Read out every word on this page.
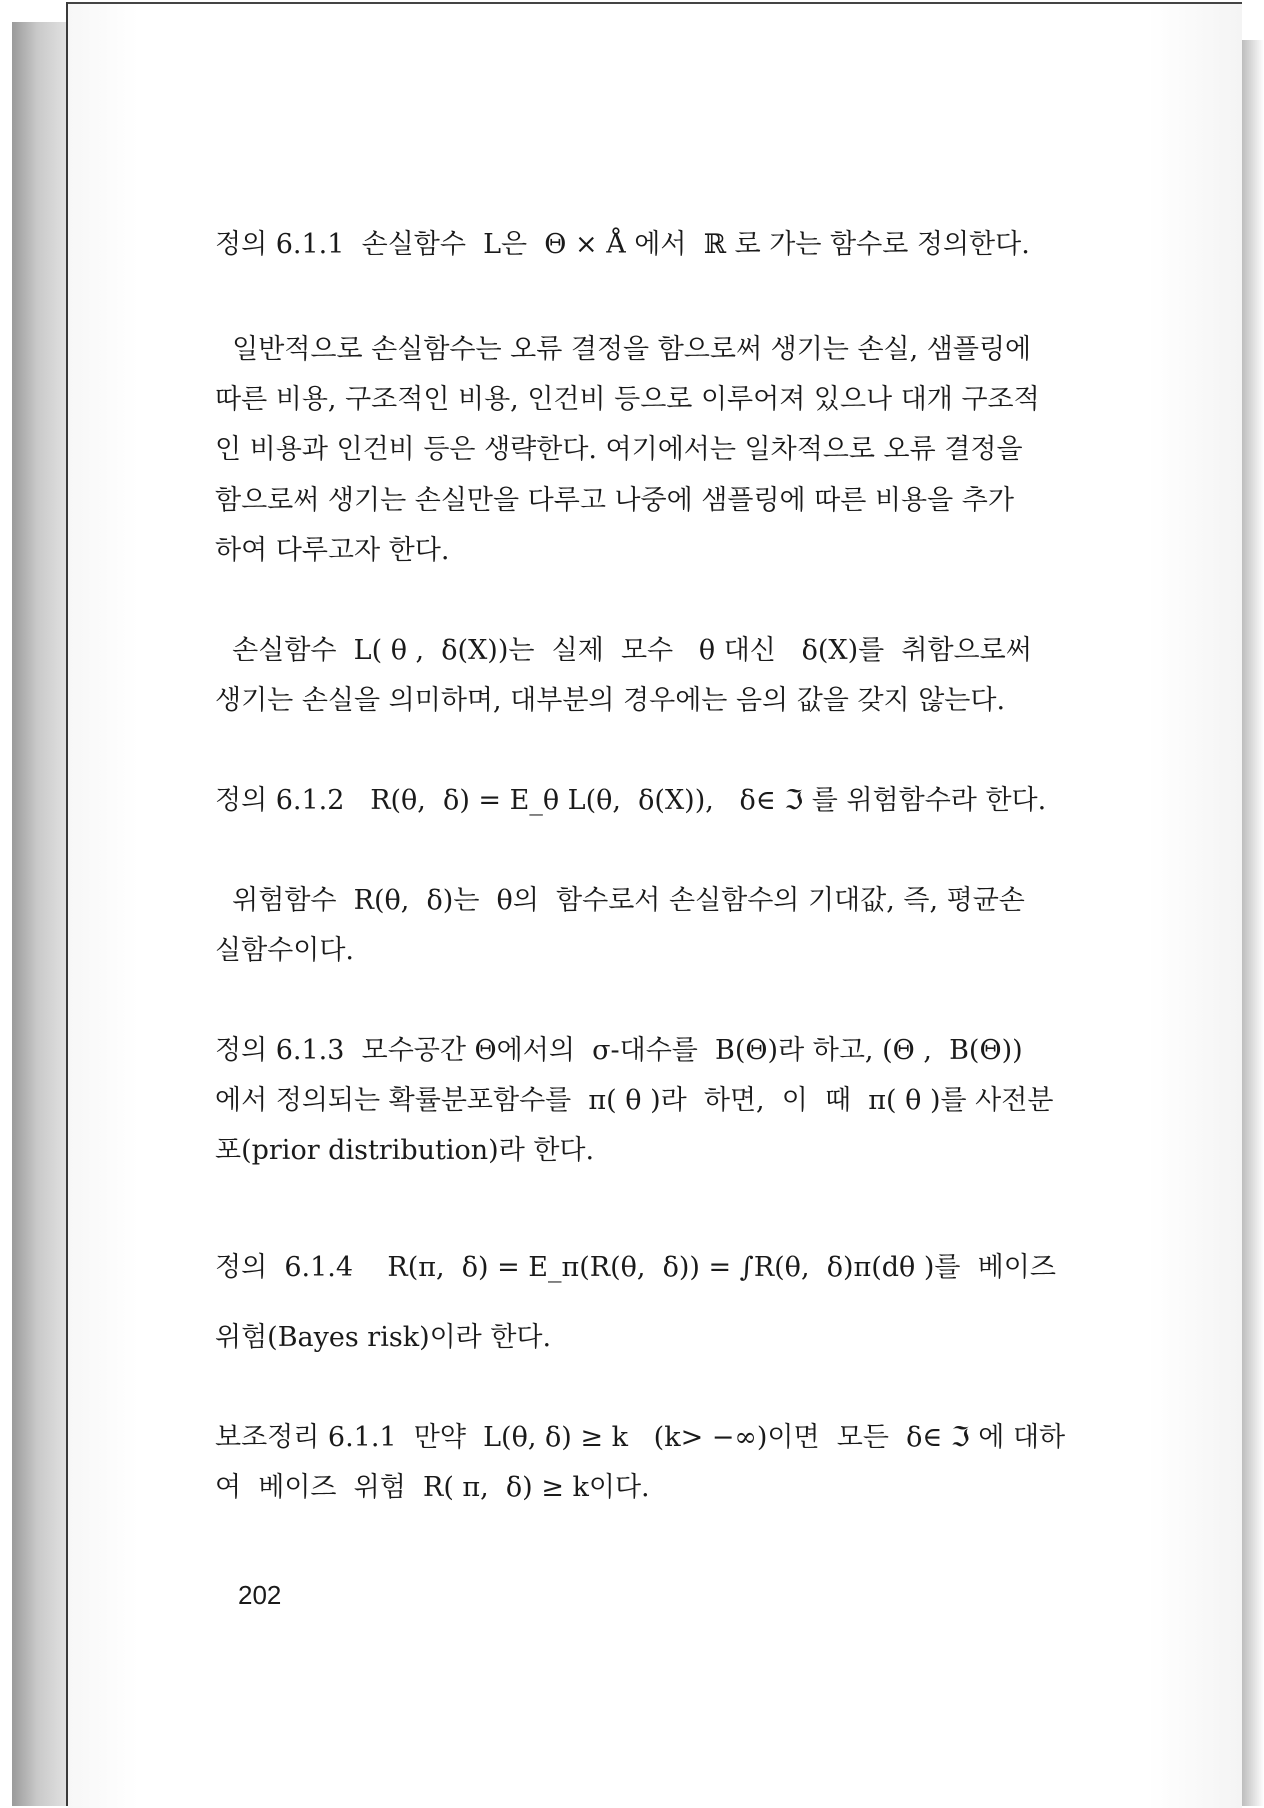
정의 6.1.1  손실함수  L은  Θ × Å 에서  ℝ 로 가는 함수로 정의한다.
일반적으로 손실함수는 오류 결정을 함으로써 생기는 손실, 샘플링에
따른 비용, 구조적인 비용, 인건비 등으로 이루어져 있으나 대개 구조적
인 비용과 인건비 등은 생략한다. 여기에서는 일차적으로 오류 결정을
함으로써 생기는 손실만을 다루고 나중에 샘플링에 따른 비용을 추가
하여 다루고자 한다.
손실함수  L( θ ,  δ(X))는  실제  모수   θ 대신   δ(X)를  취함으로써
생기는 손실을 의미하며, 대부분의 경우에는 음의 값을 갖지 않는다.
정의 6.1.2   R(θ,  δ) = E_θ L(θ,  δ(X)),   δ∈ ℑ 를 위험함수라 한다.
위험함수  R(θ,  δ)는  θ의  함수로서 손실함수의 기대값, 즉, 평균손
실함수이다.
정의 6.1.3  모수공간 Θ에서의  σ-대수를  B(Θ)라 하고, (Θ ,  B(Θ))
에서 정의되는 확률분포함수를  π( θ )라  하면,  이  때  π( θ )를 사전분
포(prior distribution)라 한다.
정의  6.1.4    R(π,  δ) = E_π(R(θ,  δ)) = ∫R(θ,  δ)π(dθ )를  베이즈
위험(Bayes risk)이라 한다.
보조정리 6.1.1  만약  L(θ, δ) ≥ k   (k> −∞)이면  모든  δ∈ ℑ 에 대하
여  베이즈  위험  R( π,  δ) ≥ k이다.
202
